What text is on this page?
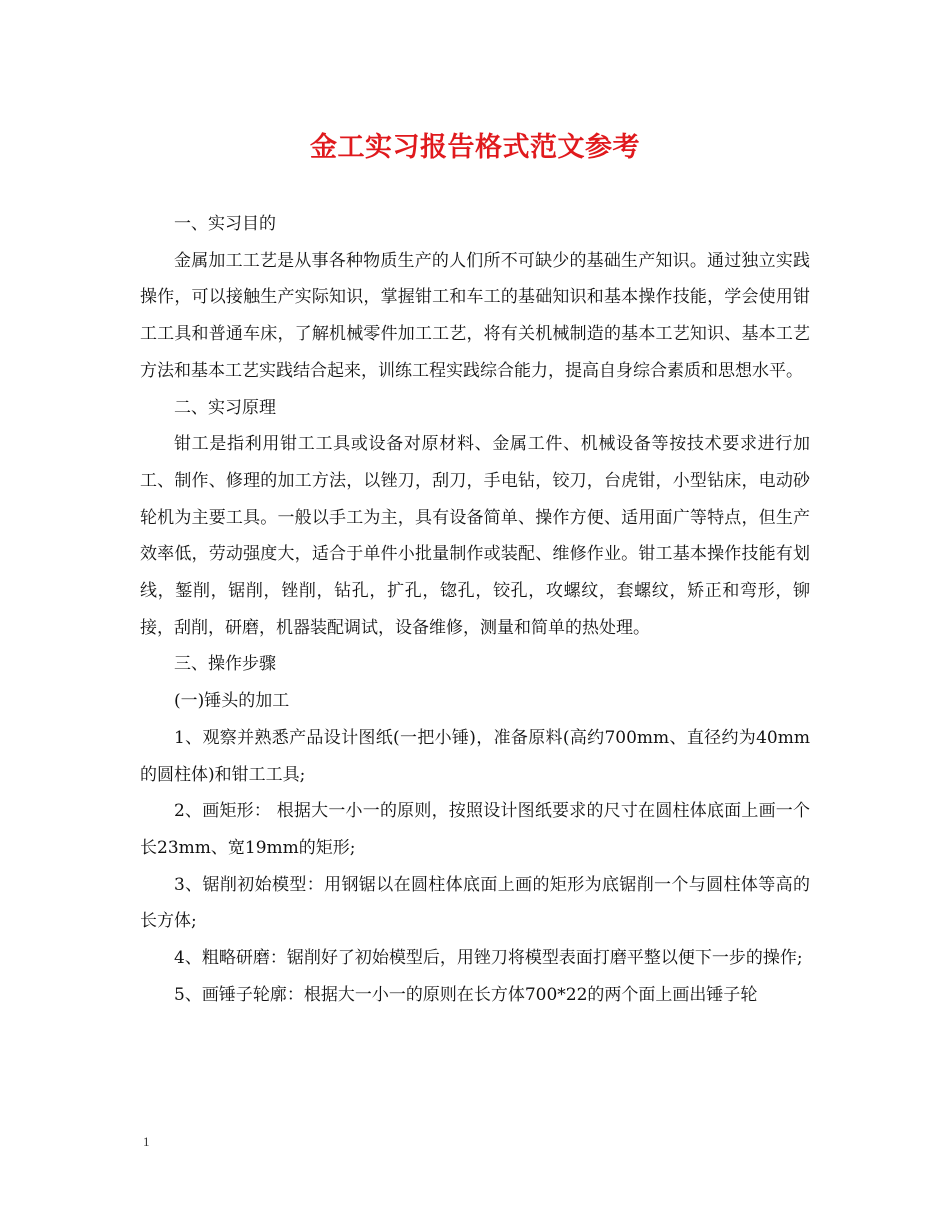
金工实习报告格式范文参考

一、实习目的

金属加工工艺是从事各种物质生产的人们所不可缺少的基础生产知识。通过独立实践操作，可以接触生产实际知识，掌握钳工和车工的基础知识和基本操作技能，学会使用钳工工具和普通车床，了解机械零件加工工艺，将有关机械制造的基本工艺知识、基本工艺方法和基本工艺实践结合起来，训练工程实践综合能力，提高自身综合素质和思想水平。

二、实习原理

钳工是指利用钳工工具或设备对原材料、金属工件、机械设备等按技术要求进行加工、制作、修理的加工方法，以锉刀，刮刀，手电钻，铰刀，台虎钳，小型钻床，电动砂轮机为主要工具。一般以手工为主，具有设备简单、操作方便、适用面广等特点，但生产效率低，劳动强度大，适合于单件小批量制作或装配、维修作业。钳工基本操作技能有划线，錾削，锯削，锉削，钻孔，扩孔，锪孔，铰孔，攻螺纹，套螺纹，矫正和弯形，铆接，刮削，研磨，机器装配调试，设备维修，测量和简单的热处理。

三、操作步骤

(一)锤头的加工

1、观察并熟悉产品设计图纸(一把小锤)，准备原料(高约700mm、直径约为40mm的圆柱体)和钳工工具;

2、画矩形： 根据大一小一的原则，按照设计图纸要求的尺寸在圆柱体底面上画一个长23mm、宽19mm的矩形;

3、锯削初始模型：用钢锯以在圆柱体底面上画的矩形为底锯削一个与圆柱体等高的长方体;

4、粗略研磨：锯削好了初始模型后，用锉刀将模型表面打磨平整以便下一步的操作;

5、画锤子轮廓：根据大一小一的原则在长方体700*22的两个面上画出锤子轮

1
